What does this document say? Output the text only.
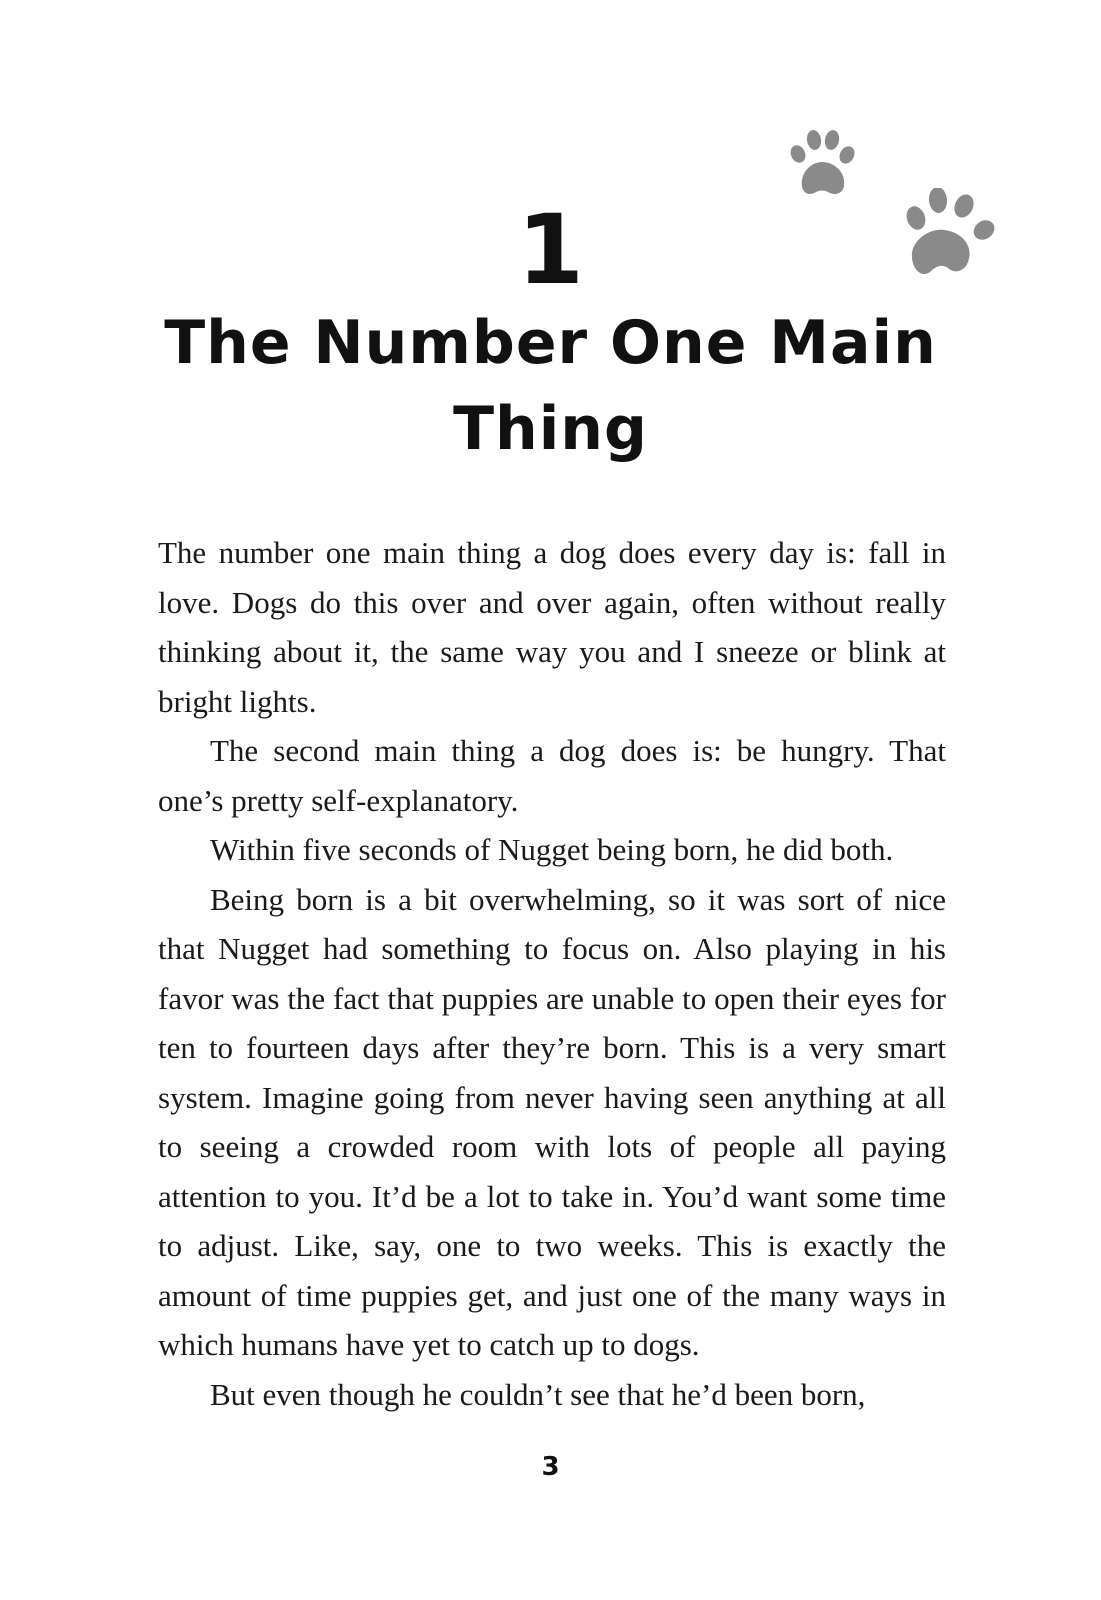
1
The Number One Main Thing

The number one main thing a dog does every day is: fall in love. Dogs do this over and over again, often without really thinking about it, the same way you and I sneeze or blink at bright lights.

The second main thing a dog does is: be hungry. That one’s pretty self-explanatory.

Within five seconds of Nugget being born, he did both.

Being born is a bit overwhelming, so it was sort of nice that Nugget had something to focus on. Also playing in his favor was the fact that puppies are unable to open their eyes for ten to fourteen days after they’re born. This is a very smart system. Imagine going from never having seen anything at all to seeing a crowded room with lots of people all paying attention to you. It’d be a lot to take in. You’d want some time to adjust. Like, say, one to two weeks. This is exactly the amount of time puppies get, and just one of the many ways in which humans have yet to catch up to dogs.

But even though he couldn’t see that he’d been born,

3
